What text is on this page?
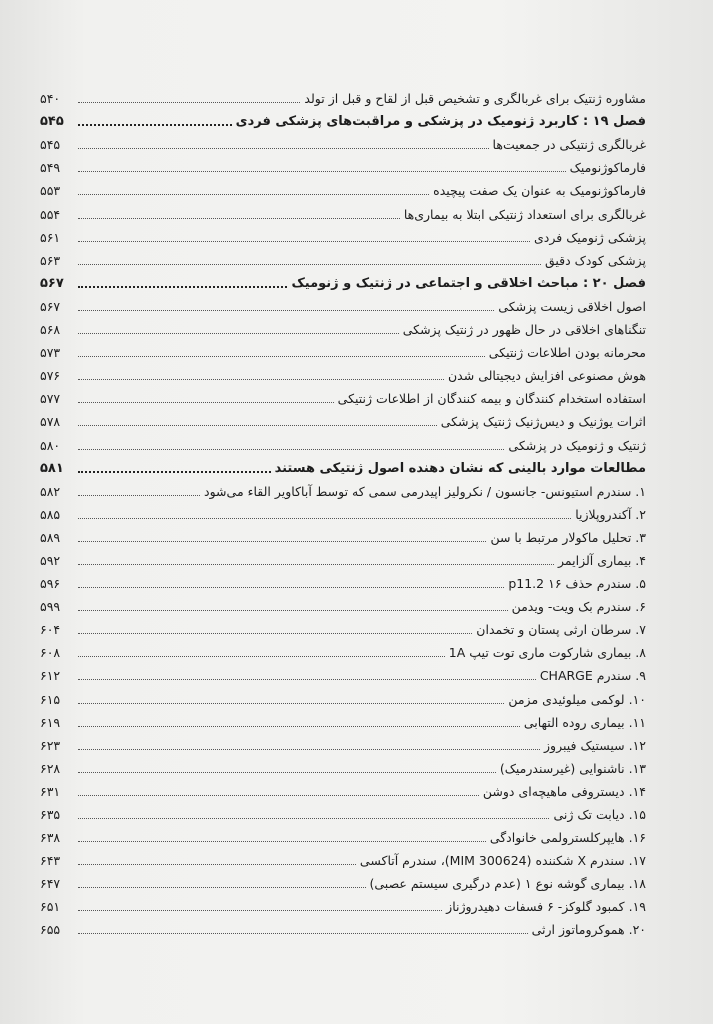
مشاوره ژنتیک برای غربالگری و تشخیص قبل از لقاح و قبل از تولد
۵۴۰
فصل ۱۹ : کاربرد ژنومیک در پزشکی و مراقبت‌های پزشکی فردی
۵۴۵
غربالگری ژنتیکی در جمعیت‌ها
۵۴۵
فارماکوژنومیک
۵۴۹
فارماکوژنومیک به عنوان یک صفت پیچیده
۵۵۳
غربالگری برای استعداد ژنتیکی ابتلا به بیماری‌ها
۵۵۴
پزشکی ژنومیک فردی
۵۶۱
پزشکی کودک دقیق
۵۶۳
فصل ۲۰ : مباحث اخلاقی و اجتماعی در ژنتیک و ژنومیک
۵۶۷
اصول اخلاقی زیست پزشکی
۵۶۷
تنگناهای اخلاقی در حال ظهور در ژنتیک پزشکی
۵۶۸
محرمانه بودن اطلاعات ژنتیکی
۵۷۳
هوش مصنوعی افزایش دیجیتالی شدن
۵۷۶
استفاده استخدام کنندگان و بیمه کنندگان از اطلاعات ژنتیکی
۵۷۷
اثرات یوژنیک و دیس‌ژنیک ژنتیک پزشکی
۵۷۸
ژنتیک و ژنومیک در پزشکی
۵۸۰
مطالعات موارد بالینی که نشان دهنده اصول ژنتیکی هستند
۵۸۱
۱. سندرم استیونس- جانسون / نکرولیز اپیدرمی سمی که توسط آباکاویر القاء می‌شود
۵۸۲
۲. آکندروپلازیا
۵۸۵
۳. تحلیل ماکولار مرتبط با سن
۵۸۹
۴. بیماری آلزایمر
۵۹۲
۵. سندرم حذف ۱۶ p11.2
۵۹۶
۶. سندرم بک ویت- ویدمن
۵۹۹
۷. سرطان ارثی پستان و تخمدان
۶۰۴
۸. بیماری شارکوت ماری توت تیپ 1A
۶۰۸
۹. سندرم CHARGE
۶۱۲
۱۰. لوکمی میلوئیدی مزمن
۶۱۵
۱۱. بیماری روده التهابی
۶۱۹
۱۲. سیستیک فیبروز
۶۲۳
۱۳. ناشنوایی (غیرسندرمیک)
۶۲۸
۱۴. دیستروفی ماهیچه‌ای دوشن
۶۳۱
۱۵. دیابت تک ژنی
۶۳۵
۱۶. هایپرکلسترولمی خانوادگی
۶۳۸
۱۷. سندرم X شکننده (MIM 300624)، سندرم آتاکسی
۶۴۳
۱۸. بیماری گوشه نوع ۱ (عدم درگیری سیستم عصبی)
۶۴۷
۱۹. کمبود گلوکز- ۶ فسفات دهیدروژناز
۶۵۱
۲۰. هموکروماتوز ارثی
۶۵۵
